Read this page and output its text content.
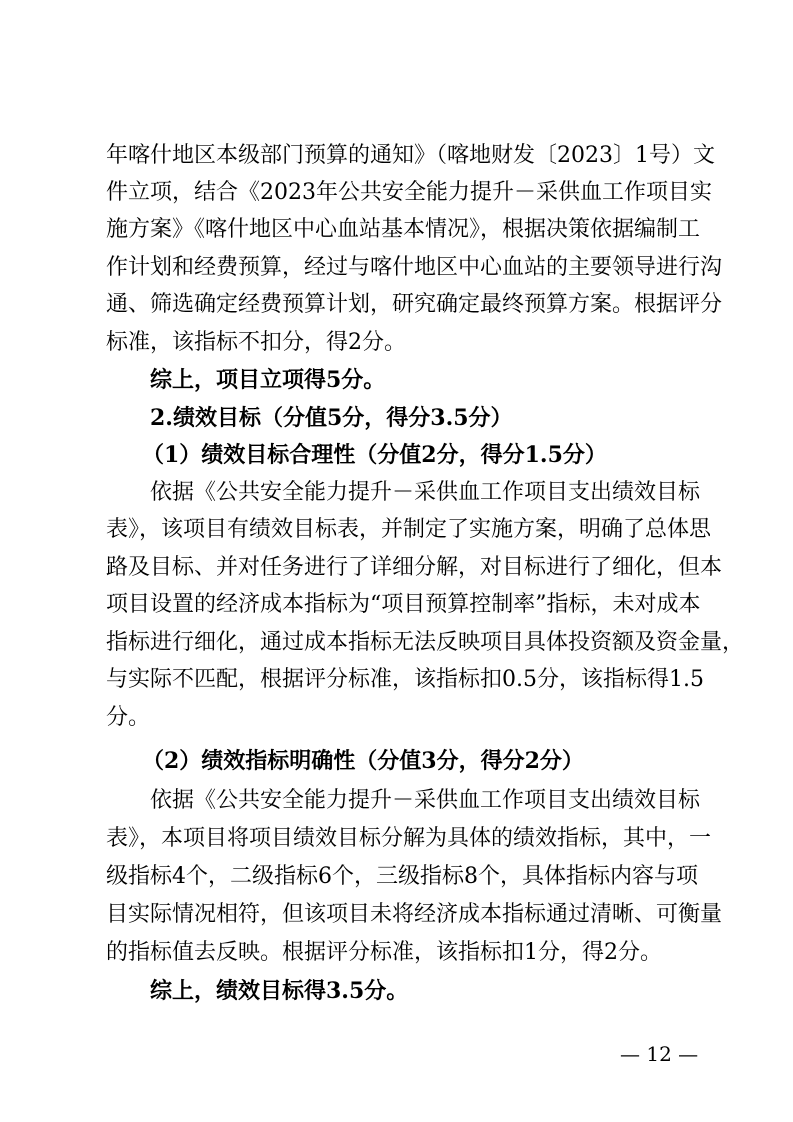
年喀什地区本级部门预算的通知》（喀地财发〔2023〕1号）文
件立项，结合《2023年公共安全能力提升－采供血工作项目实
施方案》《喀什地区中心血站基本情况》，根据决策依据编制工
作计划和经费预算，经过与喀什地区中心血站的主要领导进行沟
通、筛选确定经费预算计划，研究确定最终预算方案。根据评分
标准，该指标不扣分，得2分。
综上，项目立项得5分。
2.绩效目标（分值5分，得分3.5分）
（1）绩效目标合理性（分值2分，得分1.5分）
依据《公共安全能力提升－采供血工作项目支出绩效目标
表》，该项目有绩效目标表，并制定了实施方案，明确了总体思
路及目标、并对任务进行了详细分解，对目标进行了细化，但本
项目设置的经济成本指标为“项目预算控制率”指标，未对成本
指标进行细化，通过成本指标无法反映项目具体投资额及资金量，
与实际不匹配，根据评分标准，该指标扣0.5分，该指标得1.5
分。
（2）绩效指标明确性（分值3分，得分2分）
依据《公共安全能力提升－采供血工作项目支出绩效目标
表》，本项目将项目绩效目标分解为具体的绩效指标，其中，一
级指标4个，二级指标6个，三级指标8个，具体指标内容与项
目实际情况相符，但该项目未将经济成本指标通过清晰、可衡量
的指标值去反映。根据评分标准，该指标扣1分，得2分。
综上，绩效目标得3.5分。
— 12 —
